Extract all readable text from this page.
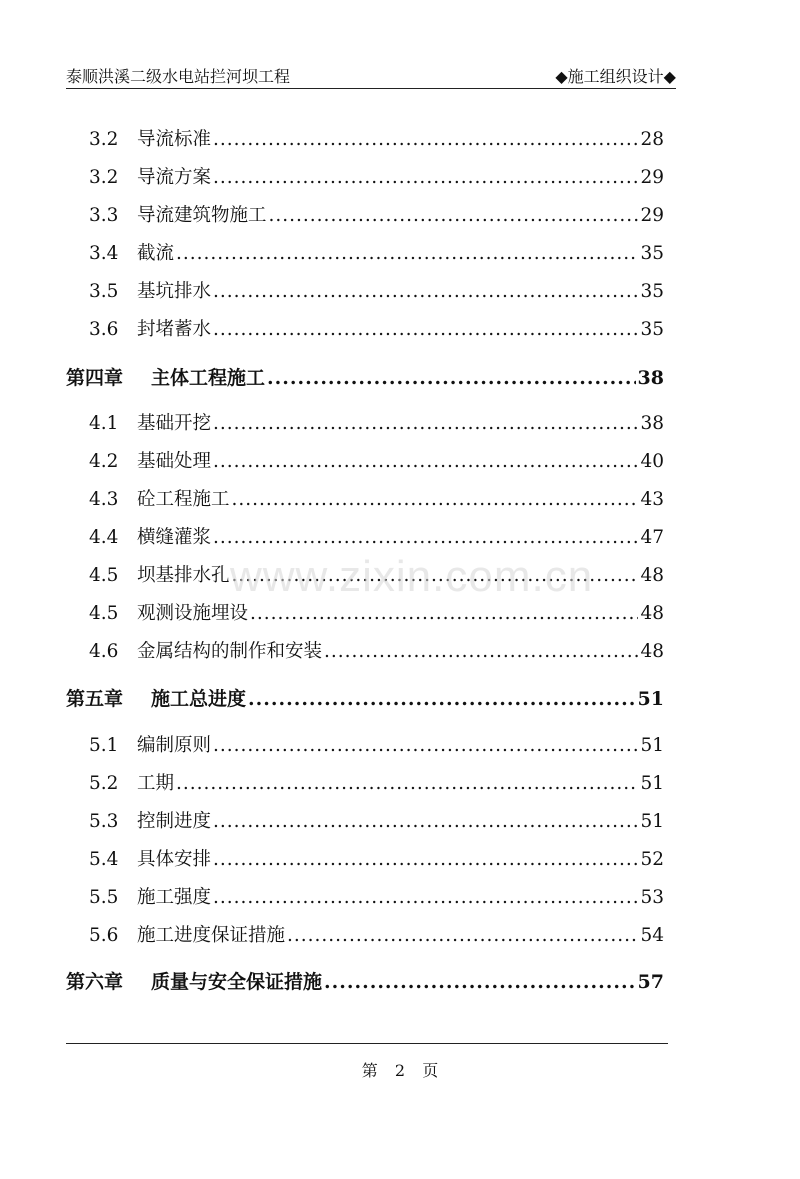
泰顺洪溪二级水电站拦河坝工程	◆施工组织设计◆
3.2	导流标准 .....	28
3.2	导流方案 .....	29
3.3	导流建筑物施工 .....	29
3.4	截流 .....	35
3.5	基坑排水 .....	35
3.6	封堵蓄水 .....	35
第四章	主体工程施工 .....	38
4.1	基础开挖 .....	38
4.2	基础处理 .....	40
4.3	砼工程施工 .....	43
4.4	横缝灌浆 .....	47
4.5	坝基排水孔 .....	48
4.5	观测设施埋设 .....	48
4.6	金属结构的制作和安装 .....	48
第五章	施工总进度 .....	51
5.1	编制原则 .....	51
5.2	工期 .....	51
5.3	控制进度 .....	51
5.4	具体安排 .....	52
5.5	施工强度 .....	53
5.6	施工进度保证措施 .....	54
第六章	质量与安全保证措施 .....	57
www.zixin.com.cn
第 2 页
